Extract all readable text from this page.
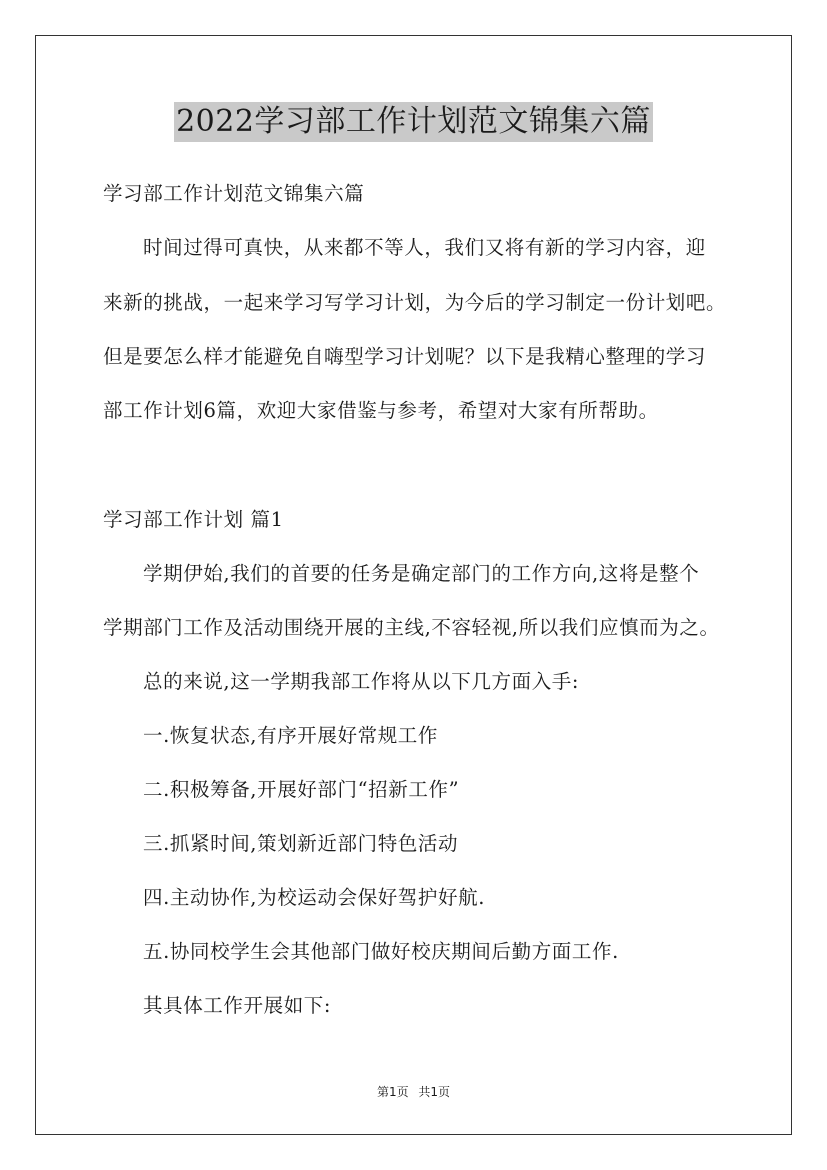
2022学习部工作计划范文锦集六篇
学习部工作计划范文锦集六篇
时间过得可真快，从来都不等人，我们又将有新的学习内容，迎
来新的挑战，一起来学习写学习计划，为今后的学习制定一份计划吧。
但是要怎么样才能避免自嗨型学习计划呢？以下是我精心整理的学习
部工作计划6篇，欢迎大家借鉴与参考，希望对大家有所帮助。
学习部工作计划 篇1
学期伊始,我们的首要的任务是确定部门的工作方向,这将是整个
学期部门工作及活动围绕开展的主线,不容轻视,所以我们应慎而为之。
总的来说,这一学期我部工作将从以下几方面入手:
一.恢复状态,有序开展好常规工作
二.积极筹备,开展好部门“招新工作”
三.抓紧时间,策划新近部门特色活动
四.主动协作,为校运动会保好驾护好航.
五.协同校学生会其他部门做好校庆期间后勤方面工作.
其具体工作开展如下:
第1页 共1页
